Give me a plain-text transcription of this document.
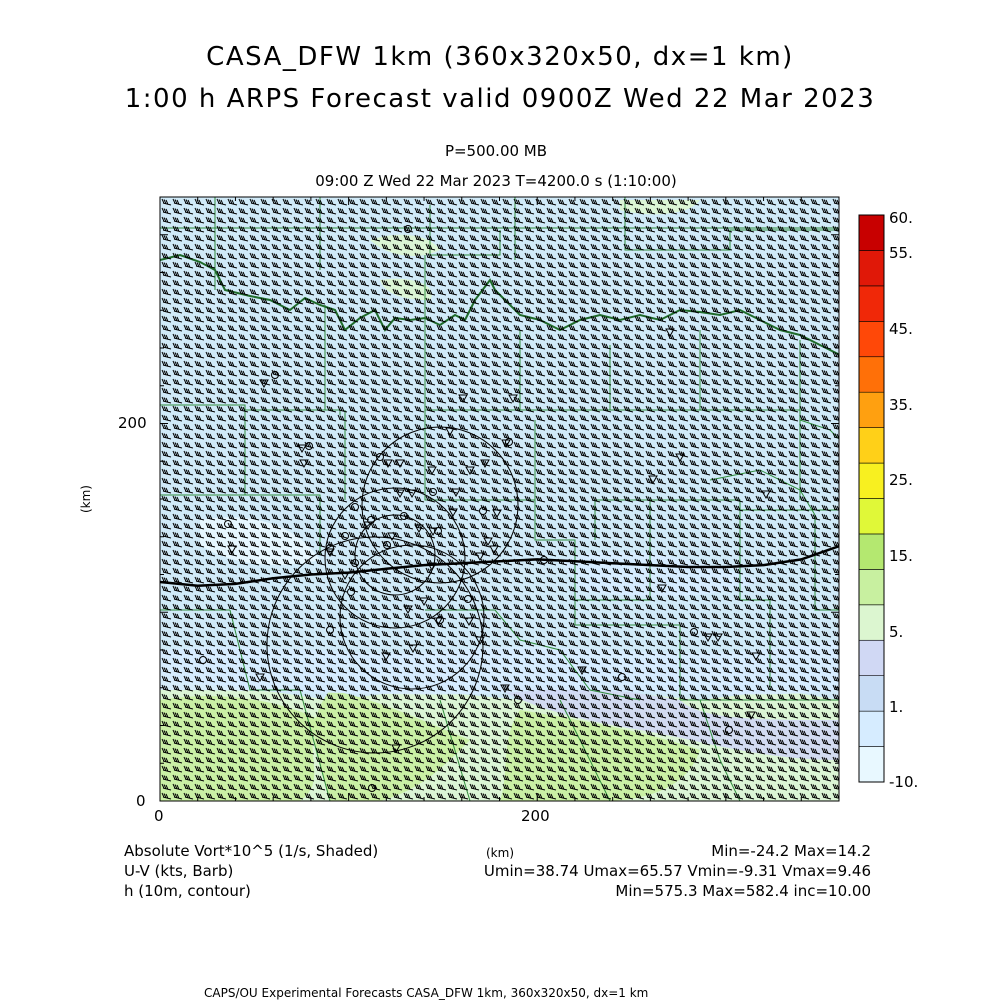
CASA_DFW 1km (360x320x50, dx=1 km)
1:00 h ARPS Forecast valid 0900Z Wed 22 Mar 2023
P=500.00 MB
09:00 Z Wed 22 Mar 2023 T=4200.0 s (1:10:00)
0	200
0
200
(km)
(km)
60.
55.
45.
35.
25.
15.
5.
1.
-10.
Absolute Vort*10^5 (1/s, Shaded)
U-V (kts, Barb)
h (10m, contour)
Min=-24.2 Max=14.2
Umin=38.74 Umax=65.57 Vmin=-9.31 Vmax=9.46
Min=575.3 Max=582.4 inc=10.00
CAPS/OU Experimental Forecasts CASA_DFW 1km, 360x320x50, dx=1 km
